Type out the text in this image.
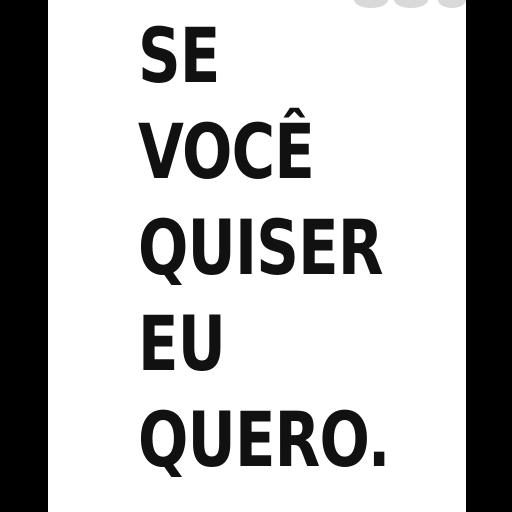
SE
VOCÊ
QUISER
EU
QUERO.
